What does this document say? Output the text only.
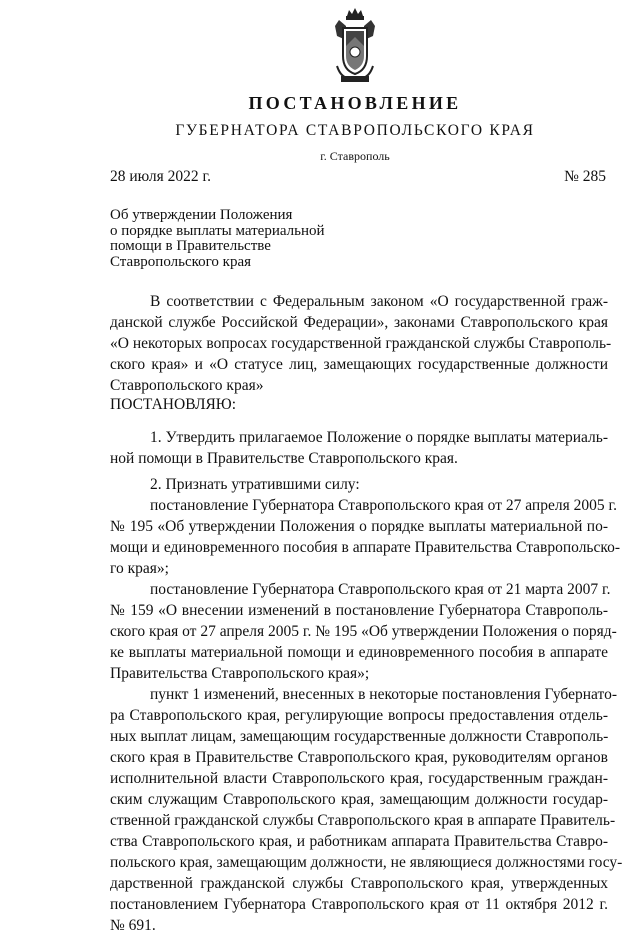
ПОСТАНОВЛЕНИЕ
ГУБЕРНАТОРА СТАВРОПОЛЬСКОГО КРАЯ
г. Ставрополь
28 июля 2022 г.	№ 285
Об утверждении Положения
о порядке выплаты материальной
помощи в Правительстве
Ставропольского края
В соответствии с Федеральным законом «О государственной граж-
данской службе Российской Федерации», законами Ставропольского края
«О некоторых вопросах государственной гражданской службы Ставрополь-
ского края» и «О статусе лиц, замещающих государственные должности
Ставропольского края»
ПОСТАНОВЛЯЮ:
1. Утвердить прилагаемое Положение о порядке выплаты материаль-
ной помощи в Правительстве Ставропольского края.
2. Признать утратившими силу:
постановление Губернатора Ставропольского края от 27 апреля 2005 г.
№ 195 «Об утверждении Положения о порядке выплаты материальной по-
мощи и единовременного пособия в аппарате Правительства Ставропольско-
го края»;
постановление Губернатора Ставропольского края от 21 марта 2007 г.
№ 159 «О внесении изменений в постановление Губернатора Ставрополь-
ского края от 27 апреля 2005 г. № 195 «Об утверждении Положения о поряд-
ке выплаты материальной помощи и единовременного пособия в аппарате
Правительства Ставропольского края»;
пункт 1 изменений, внесенных в некоторые постановления Губернато-
ра Ставропольского края, регулирующие вопросы предоставления отдель-
ных выплат лицам, замещающим государственные должности Ставрополь-
ского края в Правительстве Ставропольского края, руководителям органов
исполнительной власти Ставропольского края, государственным граждан-
ским служащим Ставропольского края, замещающим должности государ-
ственной гражданской службы Ставропольского края в аппарате Правитель-
ства Ставропольского края, и работникам аппарата Правительства Ставро-
польского края, замещающим должности, не являющиеся должностями госу-
дарственной гражданской службы Ставропольского края, утвержденных
постановлением Губернатора Ставропольского края от 11 октября 2012 г.
№ 691.
